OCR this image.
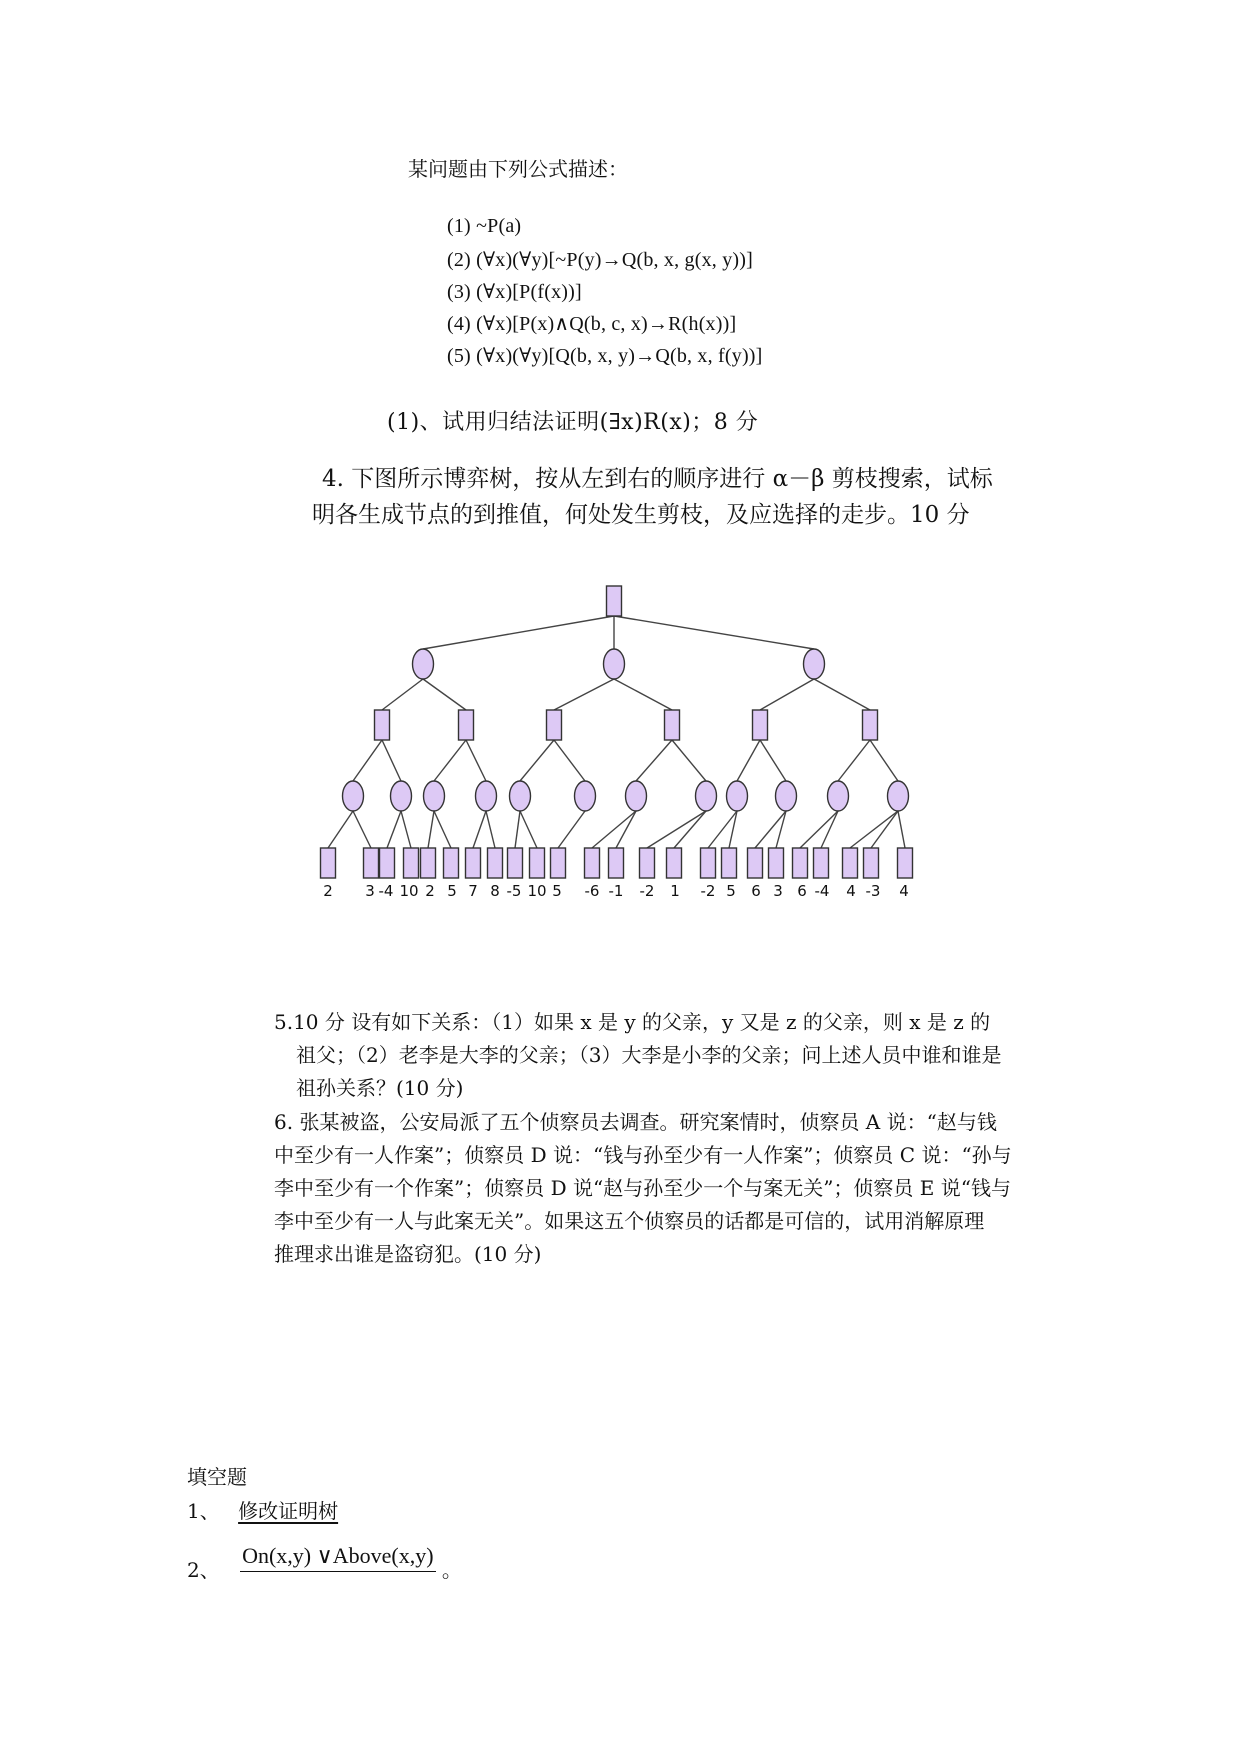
某问题由下列公式描述：
(1) ~P(a)
(2) (∀x)(∀y)[~P(y)→Q(b, x, g(x, y))]
(3) (∀x)[P(f(x))]
(4) (∀x)[P(x)∧Q(b, c, x)→R(h(x))]
(5) (∀x)(∀y)[Q(b, x, y)→Q(b, x, f(y))]
(1)、试用归结法证明(∃x)R(x)；8 分
4. 下图所示博弈树，按从左到右的顺序进行 α－β 剪枝搜索，试标
明各生成节点的到推值，何处发生剪枝，及应选择的走步。10 分
2 3 -4 10 2 5 7 8 -5 10 5 -6 -1 -2 1 -2 5 6 3 6 -4 4 -3 4
5.10 分 设有如下关系：（1）如果 x 是 y 的父亲，y 又是 z 的父亲，则 x 是 z 的
祖父；（2）老李是大李的父亲；（3）大李是小李的父亲；问上述人员中谁和谁是
祖孙关系？(10 分)
6. 张某被盗，公安局派了五个侦察员去调查。研究案情时，侦察员 A 说：“赵与钱
中至少有一人作案”；侦察员 D 说：“钱与孙至少有一人作案”；侦察员 C 说：“孙与
李中至少有一个作案”；侦察员 D 说“赵与孙至少一个与案无关”；侦察员 E 说“钱与
李中至少有一人与此案无关”。如果这五个侦察员的话都是可信的，试用消解原理
推理求出谁是盗窃犯。(10 分)
填空题
1、 修改证明树
2、 On(x,y) ∨Above(x,y) 。
